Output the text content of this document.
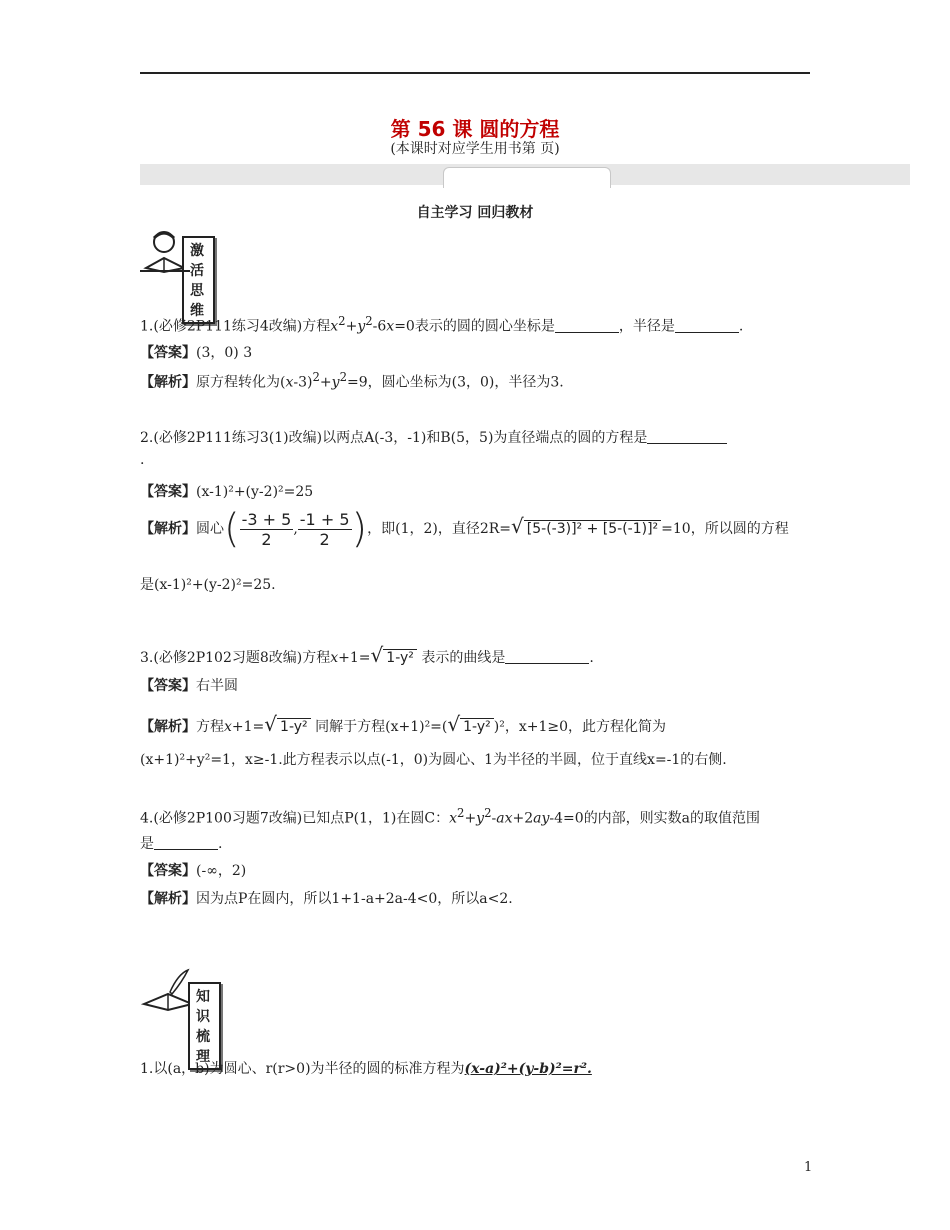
第 56 课 圆的方程
(本课时对应学生用书第 页)
自主学习 回归教材
激活思维
1.(必修2P111练习4改编)方程$x^2+y^2-6x=0$表示的圆的圆心坐标是	，半径是	.
【答案】(3，0) 3
【解析】原方程转化为$(x-3)^2+y^2=9$，圆心坐标为(3，0)，半径为3.
2.(必修2P111练习3(1)改编)以两点A(-3，-1)和B(5，5)为直径端点的圆的方程是
.
【答案】(x-1)²+(y-2)²=25
【解析】圆心( $\frac{-3 + 5}{2}$ , $\frac{-1 + 5}{2}$ )，即(1，2)，直径2R=√ [5-(-3)]² + [5-(-1)]² =10，所以圆的方程
是(x-1)²+(y-2)²=25.
3.(必修2P102习题8改编)方程x+1=√ 1-y² 表示的曲线是	.
【答案】右半圆
【解析】方程x+1=√ 1-y² 同解于方程(x+1)²=(√ 1-y² )²，x+1≥0，此方程化简为
(x+1)²+y²=1，x≥-1.此方程表示以点(-1，0)为圆心、1为半径的半圆，位于直线x=-1的右侧.
4.(必修2P100习题7改编)已知点P(1，1)在圆C：$x^2+y^2-ax+2ay-4=0$的内部，则实数a的取值范围
是	.
【答案】(-∞，2)
【解析】因为点P在圆内，所以1+1-a+2a-4<0，所以a<2.
知识梳理
1.以(a，b)为圆心、r(r>0)为半径的圆的标准方程为(x-a)²+(y-b)²=r².
1
